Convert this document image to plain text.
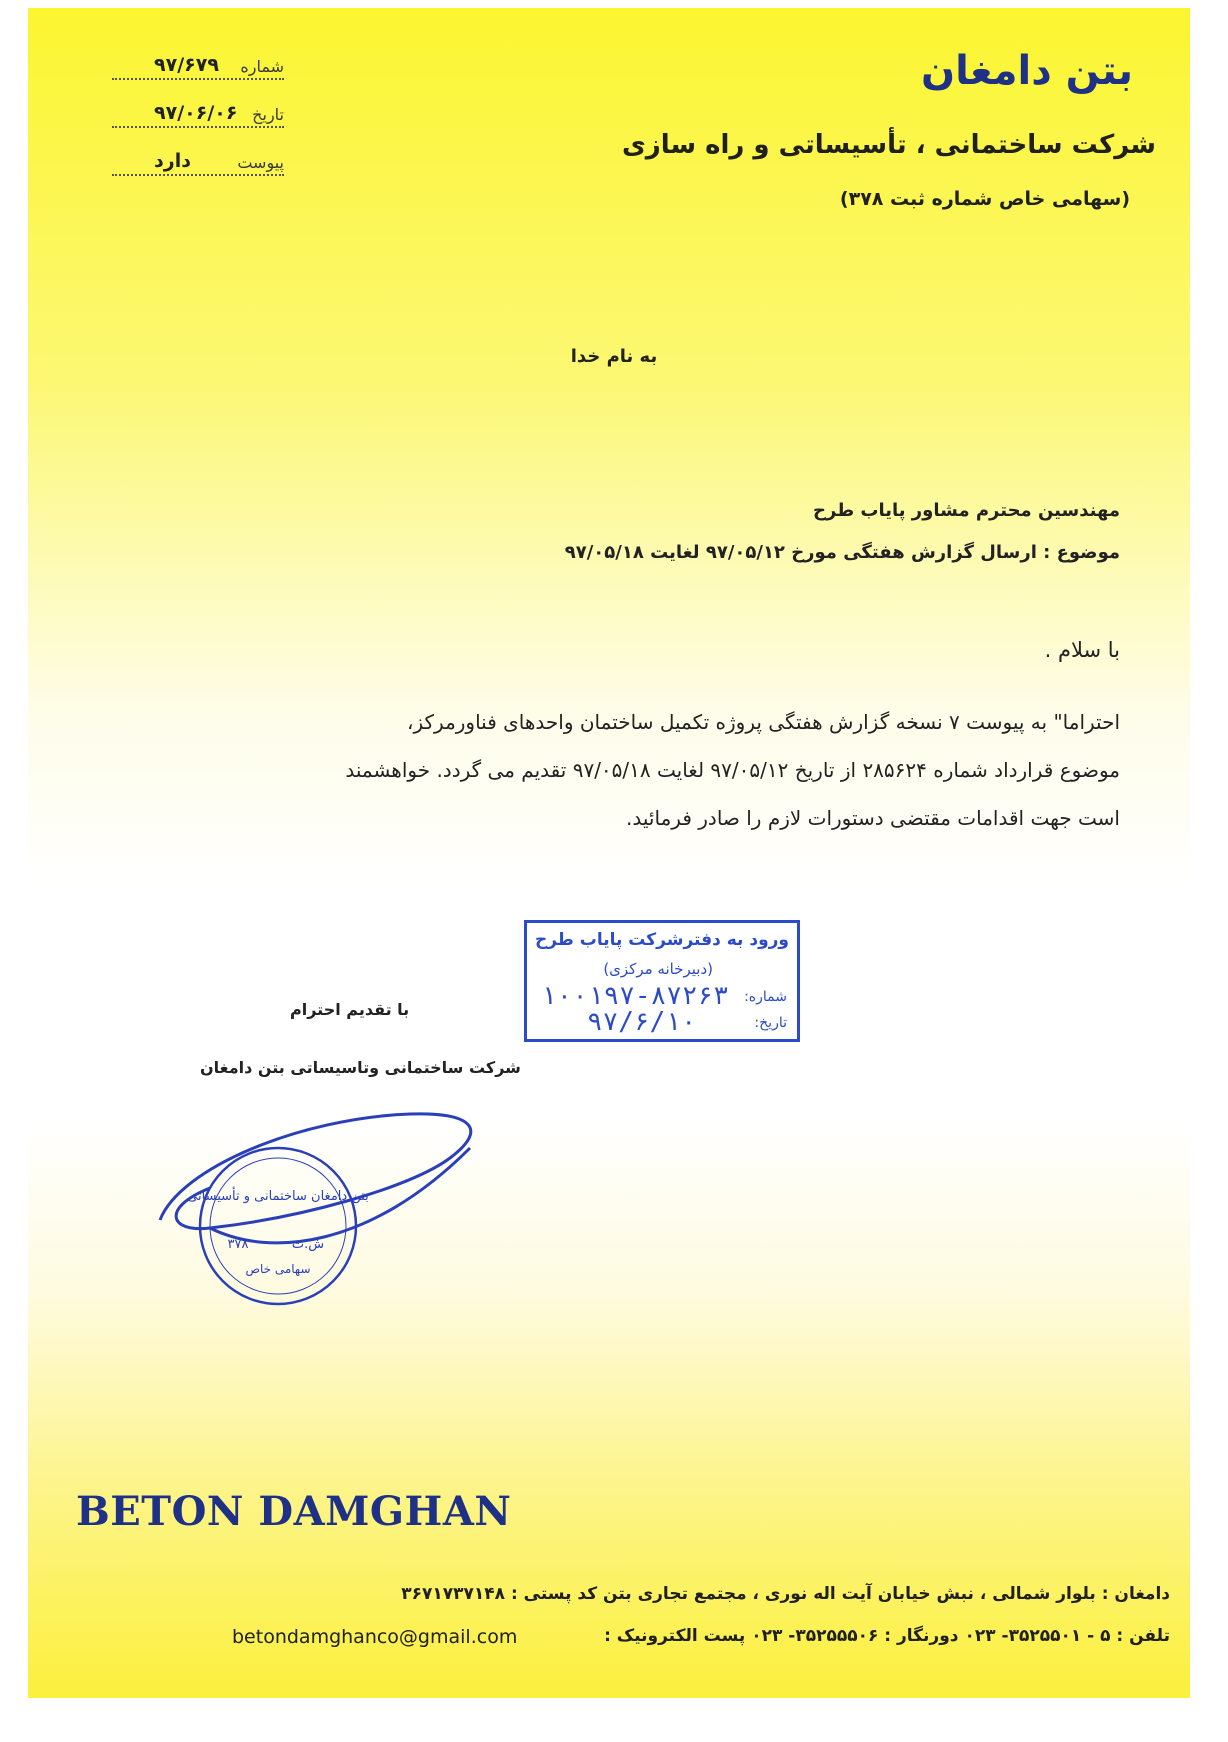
بتن دامغان
شرکت ساختمانی ، تأسیساتی و راه سازی
(سهامی خاص شماره ثبت ۳۷۸)
شماره
۹۷/۶۷۹
تاریخ
۹۷/۰۶/۰۶
پیوست
دارد
به نام خدا
مهندسین محترم مشاور پایاب طرح
موضوع : ارسال گزارش هفتگی مورخ ۹۷/۰۵/۱۲ لغایت ۹۷/۰۵/۱۸
با سلام .

احتراما" به پیوست ۷ نسخه گزارش هفتگی پروژه تکمیل ساختمان واحدهای فناورمرکز،

موضوع قرارداد شماره ۲۸۵۶۲۴ از تاریخ ۹۷/۰۵/۱۲ لغایت ۹۷/۰۵/۱۸ تقدیم می گردد. خواهشمند

است جهت اقدامات مقتضی دستورات لازم را صادر فرمائید.

ورود به دفترشرکت پایاب طرح
(دبیرخانه مرکزی)
شماره:
۱۰۰۱۹۷-۸۷۲۶۳
تاریخ:
۹۷/۶/۱۰
با تقدیم احترام
شرکت ساختمانی وتاسیساتی بتن دامغان
بتن دامغان ساختمانی و تأسیساتی
۳۷۸	ش.ث
سهامی خاص
BETON DAMGHAN
دامغان : بلوار شمالی ، نبش خیابان آیت اله نوری ، مجتمع تجاری بتن کد پستی : ۳۶۷۱۷۳۷۱۴۸
تلفن : ۵ - ۳۵۲۵۵۰۱- ۰۲۳ دورنگار : ۳۵۲۵۵۵۰۶- ۰۲۳ پست الکترونیک :
betondamghanco@gmail.com
